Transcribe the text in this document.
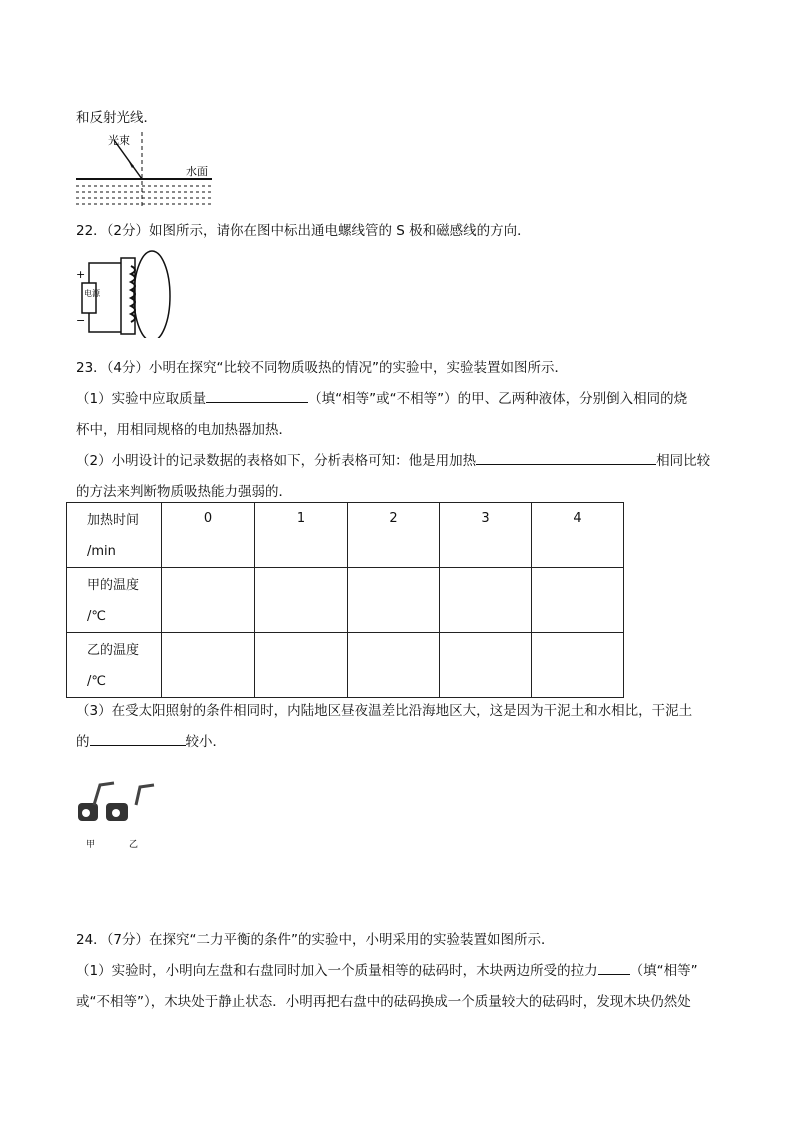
和反射光线．
光束
水面
22．（2分）如图所示，请你在图中标出通电螺线管的 S 极和磁感线的方向．
电源
+
−
23．（4分）小明在探究“比较不同物质吸热的情况”的实验中，实验装置如图所示．
（1）实验中应取质量	（填“相等”或“不相等”）的甲、乙两种液体，分别倒入相同的烧
杯中，用相同规格的电加热器加热．
（2）小明设计的记录数据的表格如下，分析表格可知：他是用加热	相同比较
的方法来判断物质吸热能力强弱的．
加热时间
/min	0	1	2	3	4

甲的温度
/℃					

乙的温度
/℃					

（3）在受太阳照射的条件相同时，内陆地区昼夜温差比沿海地区大，这是因为干泥土和水相比，干泥土
的	较小．
甲	乙
24．（7分）在探究“二力平衡的条件”的实验中，小明采用的实验装置如图所示．
（1）实验时，小明向左盘和右盘同时加入一个质量相等的砝码时，木块两边所受的拉力 （填“相等”
或“不相等”），木块处于静止状态．小明再把右盘中的砝码换成一个质量较大的砝码时，发现木块仍然处
